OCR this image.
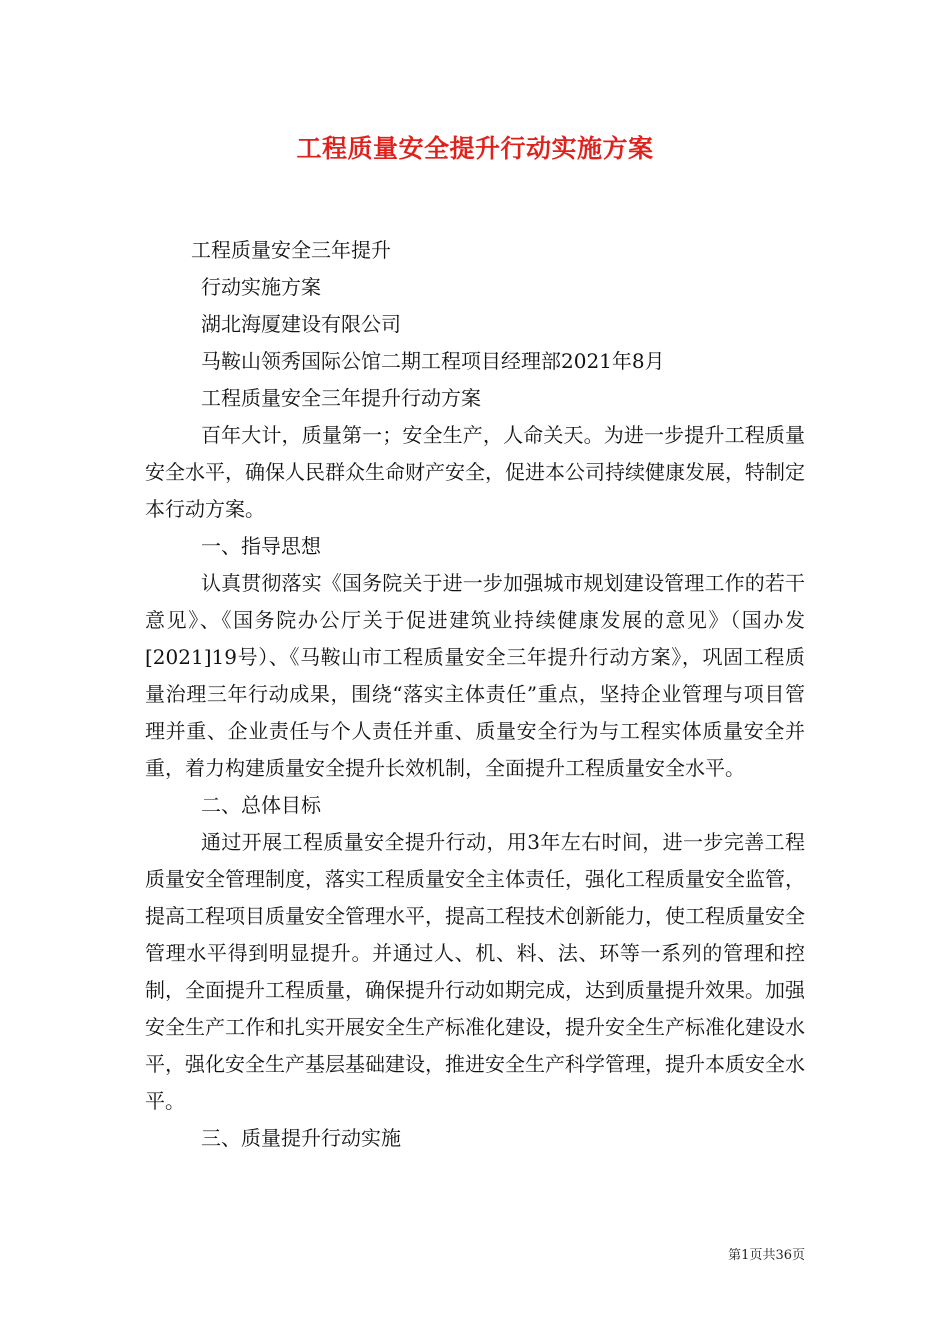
工程质量安全提升行动实施方案

工程质量安全三年提升

行动实施方案

湖北海厦建设有限公司

马鞍山领秀国际公馆二期工程项目经理部2021年8月

工程质量安全三年提升行动方案

百年大计，质量第一；安全生产，人命关天。为进一步提升工程质量安全水平，确保人民群众生命财产安全，促进本公司持续健康发展，特制定本行动方案。

一、指导思想

认真贯彻落实《国务院关于进一步加强城市规划建设管理工作的若干意见》、《国务院办公厅关于促进建筑业持续健康发展的意见》（国办发[2021]19号）、《马鞍山市工程质量安全三年提升行动方案》，巩固工程质量治理三年行动成果，围绕“落实主体责任”重点，坚持企业管理与项目管理并重、企业责任与个人责任并重、质量安全行为与工程实体质量安全并重，着力构建质量安全提升长效机制，全面提升工程质量安全水平。

二、总体目标

通过开展工程质量安全提升行动，用3年左右时间，进一步完善工程质量安全管理制度，落实工程质量安全主体责任，强化工程质量安全监管，提高工程项目质量安全管理水平，提高工程技术创新能力，使工程质量安全管理水平得到明显提升。并通过人、机、料、法、环等一系列的管理和控制，全面提升工程质量，确保提升行动如期完成，达到质量提升效果。加强安全生产工作和扎实开展安全生产标准化建设，提升安全生产标准化建设水平，强化安全生产基层基础建设，推进安全生产科学管理，提升本质安全水平。

三、质量提升行动实施

第1页共36页
